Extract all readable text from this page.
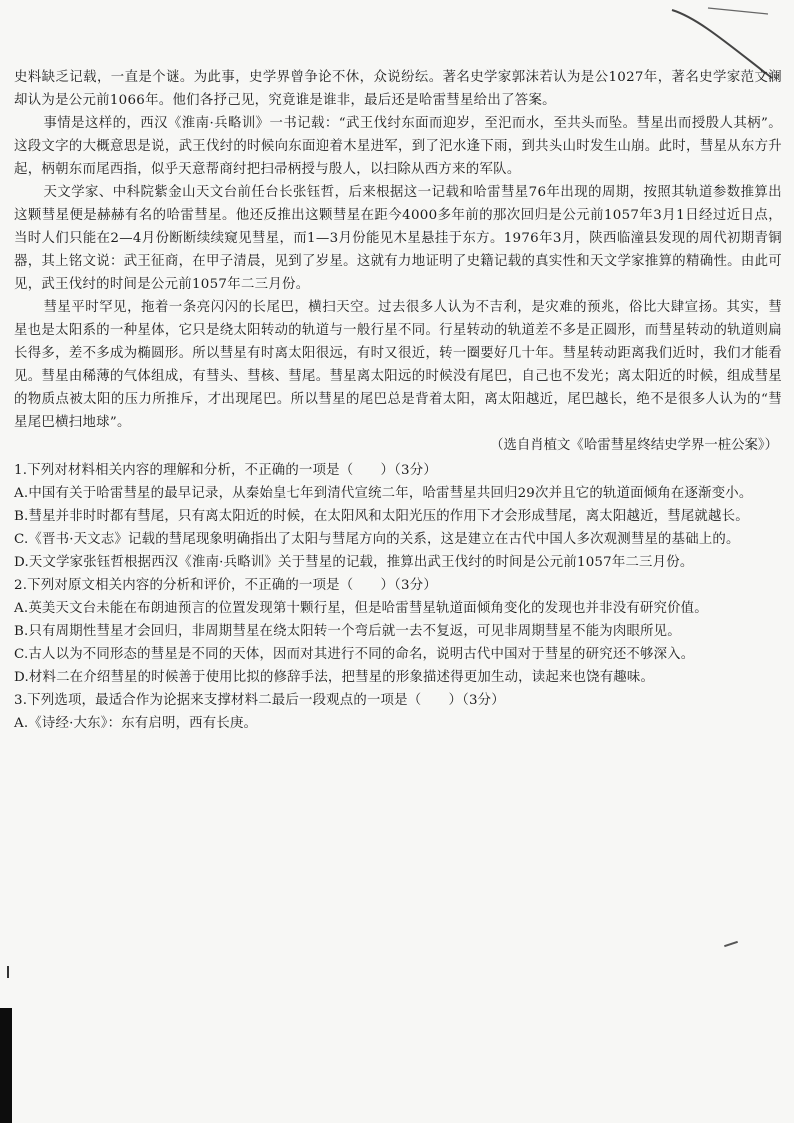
史料缺乏记载，一直是个谜。为此事，史学界曾争论不休，众说纷纭。著名史学家郭沫若认为是公1027年，著名史学家范文澜却认为是公元前1066年。他们各抒己见，究竟谁是谁非，最后还是哈雷彗星给出了答案。

事情是这样的，西汉《淮南·兵略训》一书记载：“武王伐纣东面而迎岁，至汜而水，至共头而坠。彗星出而授殷人其柄”。这段文字的大概意思是说，武王伐纣的时候向东面迎着木星进军，到了汜水逢下雨，到共头山时发生山崩。此时，彗星从东方升起，柄朝东而尾西指，似乎天意帮商纣把扫帚柄授与殷人，以扫除从西方来的军队。

天文学家、中科院紫金山天文台前任台长张钰哲，后来根据这一记载和哈雷彗星76年出现的周期，按照其轨道参数推算出这颗彗星便是赫赫有名的哈雷彗星。他还反推出这颗彗星在距今4000多年前的那次回归是公元前1057年3月1日经过近日点，当时人们只能在2—4月份断断续续窥见彗星，而1—3月份能见木星悬挂于东方。1976年3月，陕西临潼县发现的周代初期青铜器，其上铭文说：武王征商，在甲子清晨，见到了岁星。这就有力地证明了史籍记载的真实性和天文学家推算的精确性。由此可见，武王伐纣的时间是公元前1057年二三月份。

彗星平时罕见，拖着一条亮闪闪的长尾巴，横扫天空。过去很多人认为不吉利，是灾难的预兆，俗比大肆宣扬。其实，彗星也是太阳系的一种星体，它只是绕太阳转动的轨道与一般行星不同。行星转动的轨道差不多是正圆形，而彗星转动的轨道则扁长得多，差不多成为椭圆形。所以彗星有时离太阳很远，有时又很近，转一圈要好几十年。彗星转动距离我们近时，我们才能看见。彗星由稀薄的气体组成，有彗头、彗核、彗尾。彗星离太阳远的时候没有尾巴，自己也不发光；离太阳近的时候，组成彗星的物质点被太阳的压力所推斥，才出现尾巴。所以彗星的尾巴总是背着太阳，离太阳越近，尾巴越长，绝不是很多人认为的“彗星尾巴横扫地球”。

（选自肖植文《哈雷彗星终结史学界一桩公案》）

1.下列对材料相关内容的理解和分析，不正确的一项是（　　）（3分）

A.中国有关于哈雷彗星的最早记录，从秦始皇七年到清代宣统二年，哈雷彗星共回归29次并且它的轨道面倾角在逐渐变小。

B.彗星并非时时都有彗尾，只有离太阳近的时候，在太阳风和太阳光压的作用下才会形成彗尾，离太阳越近，彗尾就越长。

C.《晋书·天文志》记载的彗尾现象明确指出了太阳与彗尾方向的关系，这是建立在古代中国人多次观测彗星的基础上的。

D.天文学家张钰哲根据西汉《淮南·兵略训》关于彗星的记载，推算出武王伐纣的时间是公元前1057年二三月份。

2.下列对原文相关内容的分析和评价，不正确的一项是（　　）（3分）

A.英美天文台未能在布朗迪预言的位置发现第十颗行星，但是哈雷彗星轨道面倾角变化的发现也并非没有研究价值。

B.只有周期性彗星才会回归，非周期彗星在绕太阳转一个弯后就一去不复返，可见非周期彗星不能为肉眼所见。

C.古人以为不同形态的彗星是不同的天体，因而对其进行不同的命名，说明古代中国对于彗星的研究还不够深入。

D.材料二在介绍彗星的时候善于使用比拟的修辞手法，把彗星的形象描述得更加生动，读起来也饶有趣味。

3.下列选项，最适合作为论据来支撑材料二最后一段观点的一项是（　　）（3分）

A.《诗经·大东》：东有启明，西有长庚。
